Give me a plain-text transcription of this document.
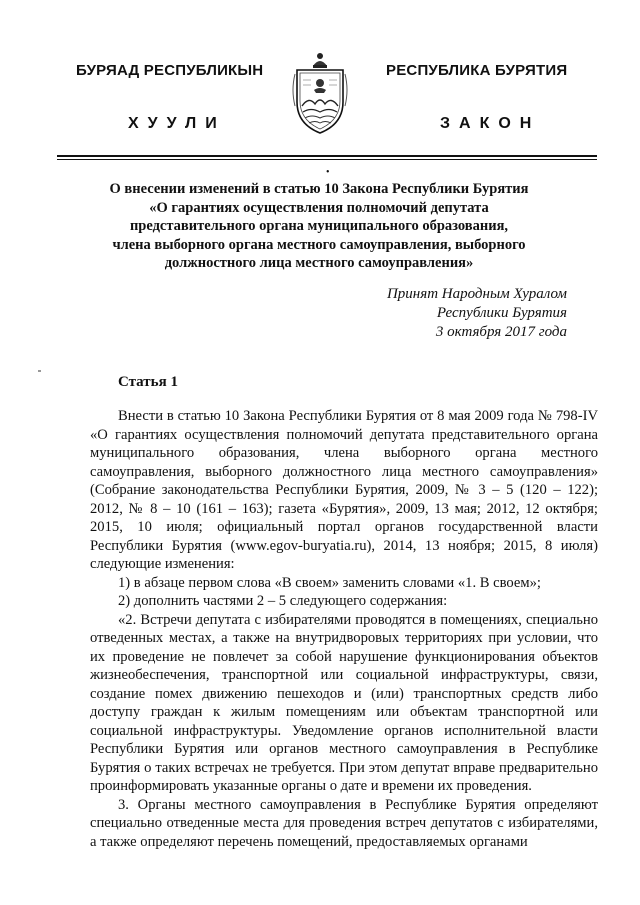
БУРЯАД РЕСПУБЛИКЫН	РЕСПУБЛИКА БУРЯТИЯ
ХУУЛИ	ЗАКОН
•
О внесении изменений в статью 10 Закона Республики Бурятия
«О гарантиях осуществления полномочий депутата
представительного органа муниципального образования,
члена выборного органа местного самоуправления, выборного
должностного лица местного самоуправления»
Принят Народным Хуралом
Республики Бурятия
3 октября 2017 года
Статья 1

Внести в статью 10 Закона Республики Бурятия от 8 мая 2009 года № 798-IV «О гарантиях осуществления полномочий депутата представительного органа муниципального образования, члена выборного органа местного самоуправления, выборного должностного лица местного самоуправления» (Собрание законодательства Республики Бурятия, 2009, № 3 – 5 (120 – 122); 2012, № 8 – 10 (161 – 163); газета «Бурятия», 2009, 13 мая; 2012, 12 октября; 2015, 10 июля; официальный портал органов государственной власти Республики Бурятия (www.egov-buryatia.ru), 2014, 13 ноября; 2015, 8 июля) следующие изменения:

1) в абзаце первом слова «В своем» заменить словами «1. В своем»;

2) дополнить частями 2 – 5 следующего содержания:

«2. Встречи депутата с избирателями проводятся в помещениях, специально отведенных местах, а также на внутридворовых территориях при условии, что их проведение не повлечет за собой нарушение функционирования объектов жизнеобеспечения, транспортной или социальной инфраструктуры, связи, создание помех движению пешеходов и (или) транспортных средств либо доступу граждан к жилым помещениям или объектам транспортной или социальной инфраструктуры. Уведомление органов исполнительной власти Республики Бурятия или органов местного самоуправления в Республике Бурятия о таких встречах не требуется. При этом депутат вправе предварительно проинформировать указанные органы о дате и времени их проведения.

3. Органы местного самоуправления в Республике Бурятия определяют специально отведенные места для проведения встреч депутатов с избирателями, а также определяют перечень помещений, предоставляемых органами
